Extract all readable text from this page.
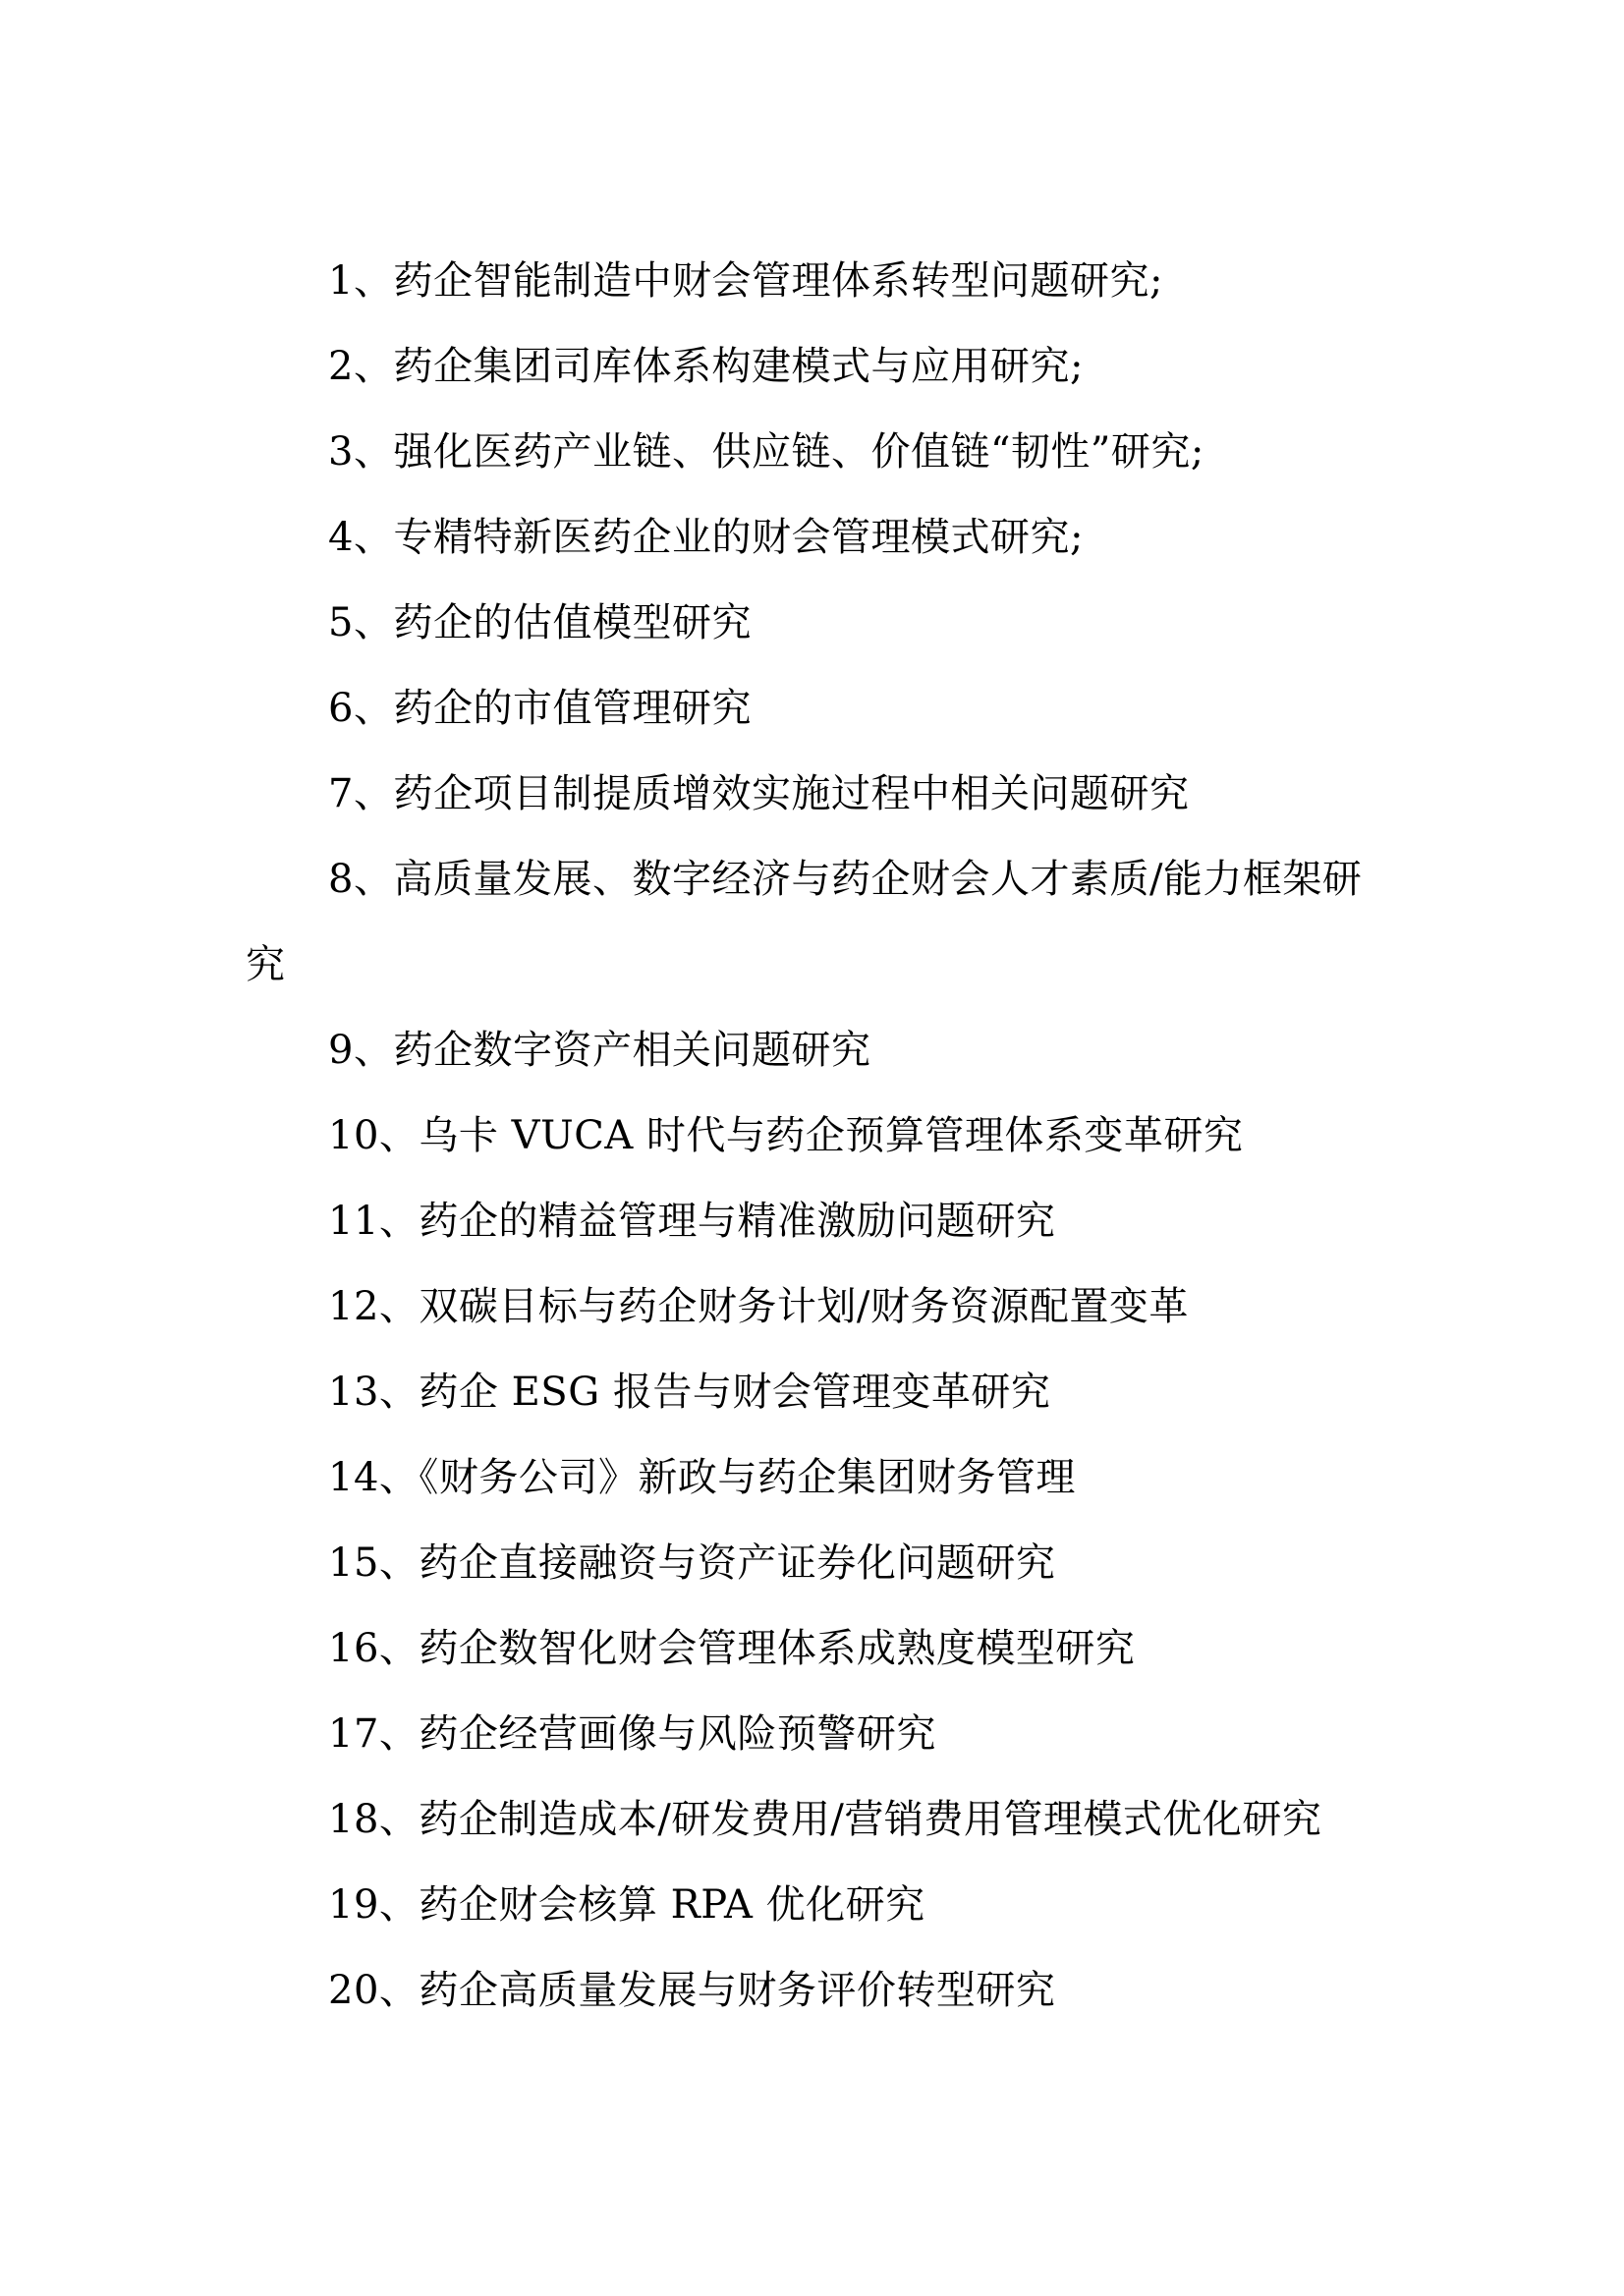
1、药企智能制造中财会管理体系转型问题研究;
2、药企集团司库体系构建模式与应用研究;
3、强化医药产业链、供应链、价值链“韧性”研究;
4、专精特新医药企业的财会管理模式研究;
5、药企的估值模型研究
6、药企的市值管理研究
7、药企项目制提质增效实施过程中相关问题研究
8、高质量发展、数字经济与药企财会人才素质/能力框架研
究
9、药企数字资产相关问题研究
10、乌卡 VUCA 时代与药企预算管理体系变革研究
11、药企的精益管理与精准激励问题研究
12、双碳目标与药企财务计划/财务资源配置变革
13、药企 ESG 报告与财会管理变革研究
14、《财务公司》新政与药企集团财务管理
15、药企直接融资与资产证券化问题研究
16、药企数智化财会管理体系成熟度模型研究
17、药企经营画像与风险预警研究
18、药企制造成本/研发费用/营销费用管理模式优化研究
19、药企财会核算 RPA 优化研究
20、药企高质量发展与财务评价转型研究
